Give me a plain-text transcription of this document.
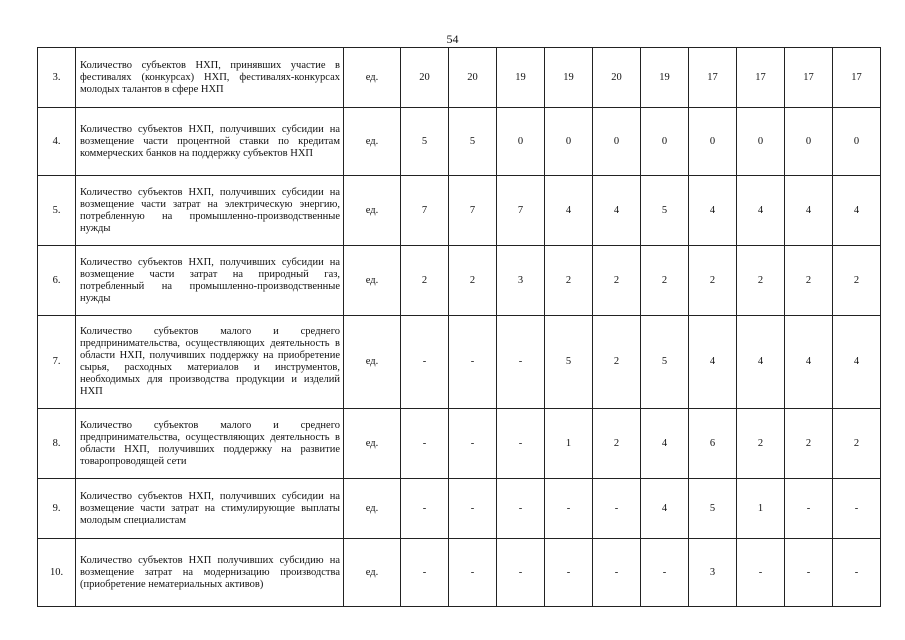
54
3.	Количество субъектов НХП, принявших участие в фестивалях (конкурсах) НХП, фестивалях-конкурсах молодых талантов в сфере НХП	ед.	20	20	19	19	20	19	17	17	17	17
4.	Количество субъектов НХП, получивших субсидии на возмещение части процентной ставки по кредитам коммерческих банков на поддержку субъектов НХП	ед.	5	5	0	0	0	0	0	0	0	0
5.	Количество субъектов НХП, получивших субсидии на возмещение части затрат на электрическую энергию, потребленную на промышленно-производственные нужды	ед.	7	7	7	4	4	5	4	4	4	4
6.	Количество субъектов НХП, получивших субсидии на возмещение части затрат на природный газ, потребленный на промышленно-производственные нужды	ед.	2	2	3	2	2	2	2	2	2	2
7.	Количество субъектов малого и среднего предпринимательства, осуществляющих деятельность в области НХП, получивших поддержку на приобретение сырья, расходных материалов и инструментов, необходимых для производства продукции и изделий НХП	ед.	-	-	-	5	2	5	4	4	4	4
8.	Количество субъектов малого и среднего предпринимательства, осуществляющих деятельность в области НХП, получивших поддержку на развитие товаропроводящей сети	ед.	-	-	-	1	2	4	6	2	2	2
9.	Количество субъектов НХП, получивших субсидии на возмещение части затрат на стимулирующие выплаты молодым специалистам	ед.	-	-	-	-	-	4	5	1	-	-
10.	Количество субъектов НХП получивших субсидию на возмещение затрат на модернизацию производства (приобретение нематериальных активов)	ед.	-	-	-	-	-	-	3	-	-	-
